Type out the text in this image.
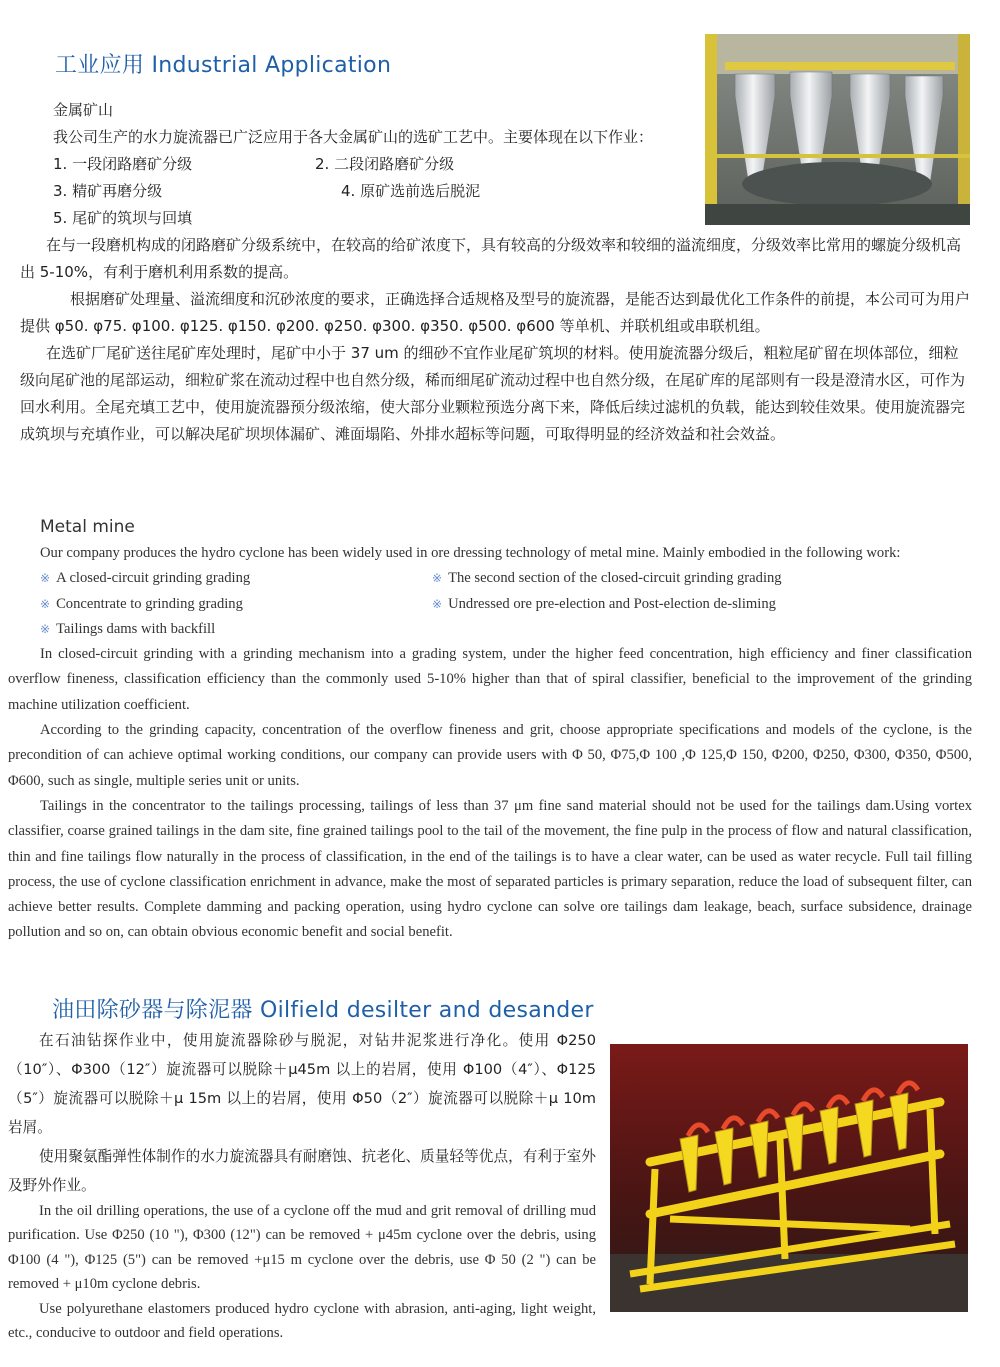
工业应用 Industrial Application

金属矿山

我公司生产的水力旋流器已广泛应用于各大金属矿山的选矿工艺中。主要体现在以下作业：

1. 一段闭路磨矿分级	2. 二段闭路磨矿分级

3. 精矿再磨分级	4. 原矿选前选后脱泥

5. 尾矿的筑坝与回填

在与一段磨机构成的闭路磨矿分级系统中，在较高的给矿浓度下，具有较高的分级效率和较细的溢流细度，分级效率比常用的螺旋分级机高出 5-10%，有利于磨机利用系数的提高。

根据磨矿处理量、溢流细度和沉砂浓度的要求，正确选择合适规格及型号的旋流器，是能否达到最优化工作条件的前提，本公司可为用户提供 φ50. φ75. φ100. φ125. φ150. φ200. φ250. φ300. φ350. φ500. φ600 等单机、并联机组或串联机组。

在选矿厂尾矿送往尾矿库处理时，尾矿中小于 37 um 的细砂不宜作业尾矿筑坝的材料。使用旋流器分级后，粗粒尾矿留在坝体部位，细粒级向尾矿池的尾部运动，细粒矿浆在流动过程中也自然分级，稀而细尾矿流动过程中也自然分级，在尾矿库的尾部则有一段是澄清水区，可作为回水利用。全尾充填工艺中，使用旋流器预分级浓缩，使大部分业颗粒预选分离下来，降低后续过滤机的负载，能达到较佳效果。使用旋流器完成筑坝与充填作业，可以解决尾矿坝坝体漏矿、滩面塌陷、外排水超标等问题，可取得明显的经济效益和社会效益。

Metal mine

Our company produces the hydro cyclone has been widely used in ore dressing technology of metal mine. Mainly embodied in the following work:

※ A closed-circuit grinding grading	※ The second section of the closed-circuit grinding grading

※ Concentrate to grinding grading	※ Undressed ore pre-election and Post-election de-sliming

※ Tailings dams with backfill

In closed-circuit grinding with a grinding mechanism into a grading system, under the higher feed concentration, high efficiency and finer classification overflow fineness, classification efficiency than the commonly used 5-10% higher than that of spiral classifier, beneficial to the improvement of the grinding machine utilization coefficient.

According to the grinding capacity, concentration of the overflow fineness and grit, choose appropriate specifications and models of the cyclone, is the precondition of can achieve optimal working conditions, our company can provide users with Φ 50, Φ75,Φ 100 ,Φ 125,Φ 150, Φ200, Φ250, Φ300, Φ350, Φ500, Φ600, such as single, multiple series unit or units.

Tailings in the concentrator to the tailings processing, tailings of less than 37 μm fine sand material should not be used for the tailings dam.Using vortex classifier, coarse grained tailings in the dam site, fine grained tailings pool to the tail of the movement, the fine pulp in the process of flow and natural classification, thin and fine tailings flow naturally in the process of classification, in the end of the tailings is to have a clear water, can be used as water recycle. Full tail filling process, the use of cyclone classification enrichment in advance, make the most of separated particles is primary separation, reduce the load of subsequent filter, can achieve better results. Complete damming and packing operation, using hydro cyclone can solve ore tailings dam leakage, beach, surface subsidence, drainage pollution and so on, can obtain obvious economic benefit and social benefit.

油田除砂器与除泥器 Oilfield desilter and desander

在石油钻探作业中，使用旋流器除砂与脱泥，对钻井泥浆进行净化。使用 Φ250（10″）、Φ300（12″）旋流器可以脱除＋μ45m 以上的岩屑，使用 Φ100（4″）、Φ125（5″）旋流器可以脱除＋μ 15m 以上的岩屑，使用 Φ50（2″）旋流器可以脱除＋μ 10m 岩屑。

使用聚氨酯弹性体制作的水力旋流器具有耐磨蚀、抗老化、质量轻等优点，有利于室外及野外作业。

In the oil drilling operations, the use of a cyclone off the mud and grit removal of drilling mud purification. Use Φ250 (10 "), Φ300 (12") can be removed + μ45m cyclone over the debris, using Φ100 (4 "), Φ125 (5") can be removed +μ15 m cyclone over the debris, use Φ 50 (2 ") can be removed + μ10m cyclone debris.

Use polyurethane elastomers produced hydro cyclone with abrasion, anti-aging, light weight, etc., conducive to outdoor and field operations.
